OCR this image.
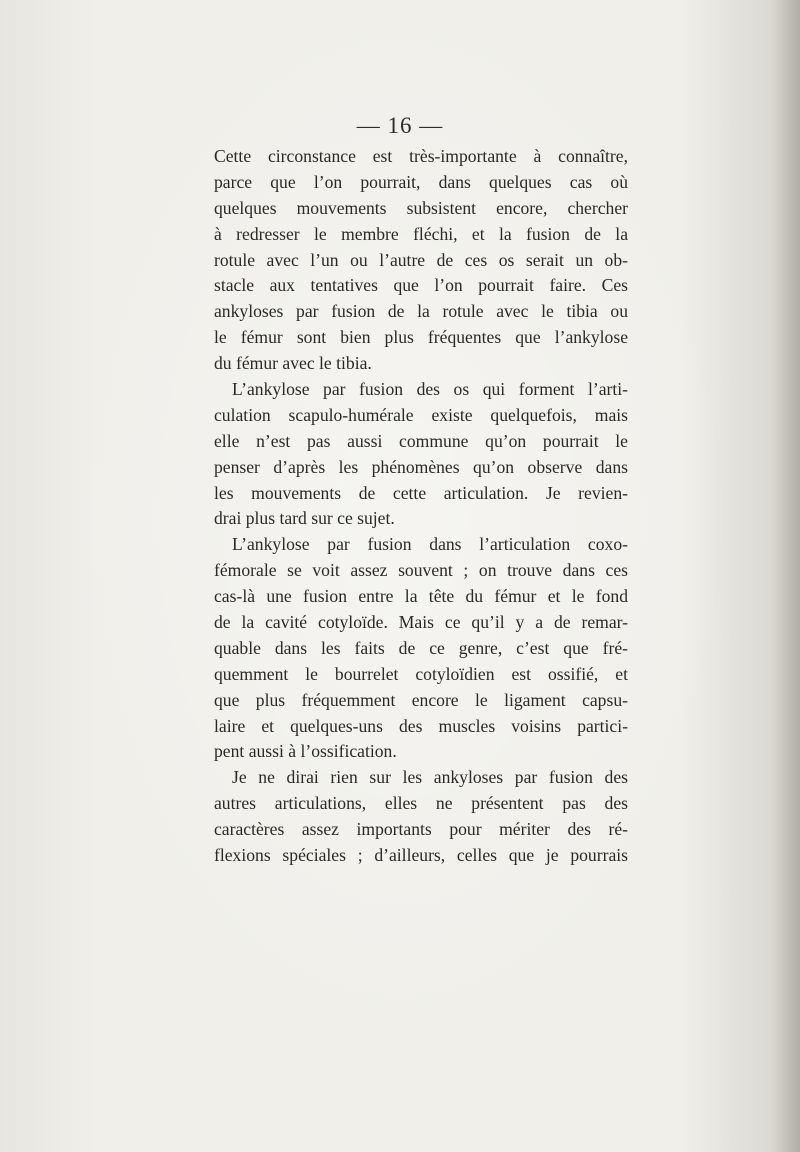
— 16 —
Cette circonstance est très-importante à connaître,
parce que l’on pourrait, dans quelques cas où
quelques mouvements subsistent encore, chercher
à redresser le membre fléchi, et la fusion de la
rotule avec l’un ou l’autre de ces os serait un ob-
stacle aux tentatives que l’on pourrait faire. Ces
ankyloses par fusion de la rotule avec le tibia ou
le fémur sont bien plus fréquentes que l’ankylose
du fémur avec le tibia.
L’ankylose par fusion des os qui forment l’arti-
culation scapulo-humérale existe quelquefois, mais
elle n’est pas aussi commune qu’on pourrait le
penser d’après les phénomènes qu’on observe dans
les mouvements de cette articulation. Je revien-
drai plus tard sur ce sujet.
L’ankylose par fusion dans l’articulation coxo-
fémorale se voit assez souvent ; on trouve dans ces
cas-là une fusion entre la tête du fémur et le fond
de la cavité cotyloïde. Mais ce qu’il y a de remar-
quable dans les faits de ce genre, c’est que fré-
quemment le bourrelet cotyloïdien est ossifié, et
que plus fréquemment encore le ligament capsu-
laire et quelques-uns des muscles voisins partici-
pent aussi à l’ossification.
Je ne dirai rien sur les ankyloses par fusion des
autres articulations, elles ne présentent pas des
caractères assez importants pour mériter des ré-
flexions spéciales ; d’ailleurs, celles que je pourrais
